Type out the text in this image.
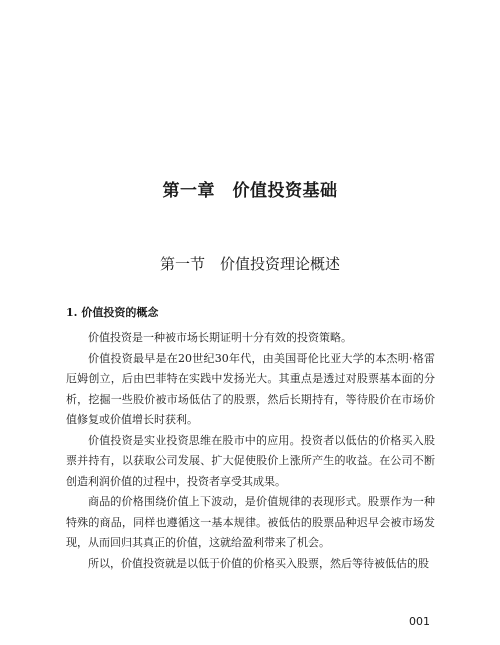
第一章　价值投资基础
第一节　价值投资理论概述
1. 价值投资的概念

价值投资是一种被市场长期证明十分有效的投资策略。

价值投资最早是在20世纪30年代，由美国哥伦比亚大学的本杰明·格雷厄姆创立，后由巴菲特在实践中发扬光大。其重点是透过对股票基本面的分析，挖掘一些股价被市场低估了的股票，然后长期持有，等待股价在市场价值修复或价值增长时获利。

价值投资是实业投资思维在股市中的应用。投资者以低估的价格买入股票并持有，以获取公司发展、扩大促使股价上涨所产生的收益。在公司不断创造利润价值的过程中，投资者享受其成果。

商品的价格围绕价值上下波动，是价值规律的表现形式。股票作为一种特殊的商品，同样也遵循这一基本规律。被低估的股票品种迟早会被市场发现，从而回归其真正的价值，这就给盈利带来了机会。

所以，价值投资就是以低于价值的价格买入股票，然后等待被低估的股

001
